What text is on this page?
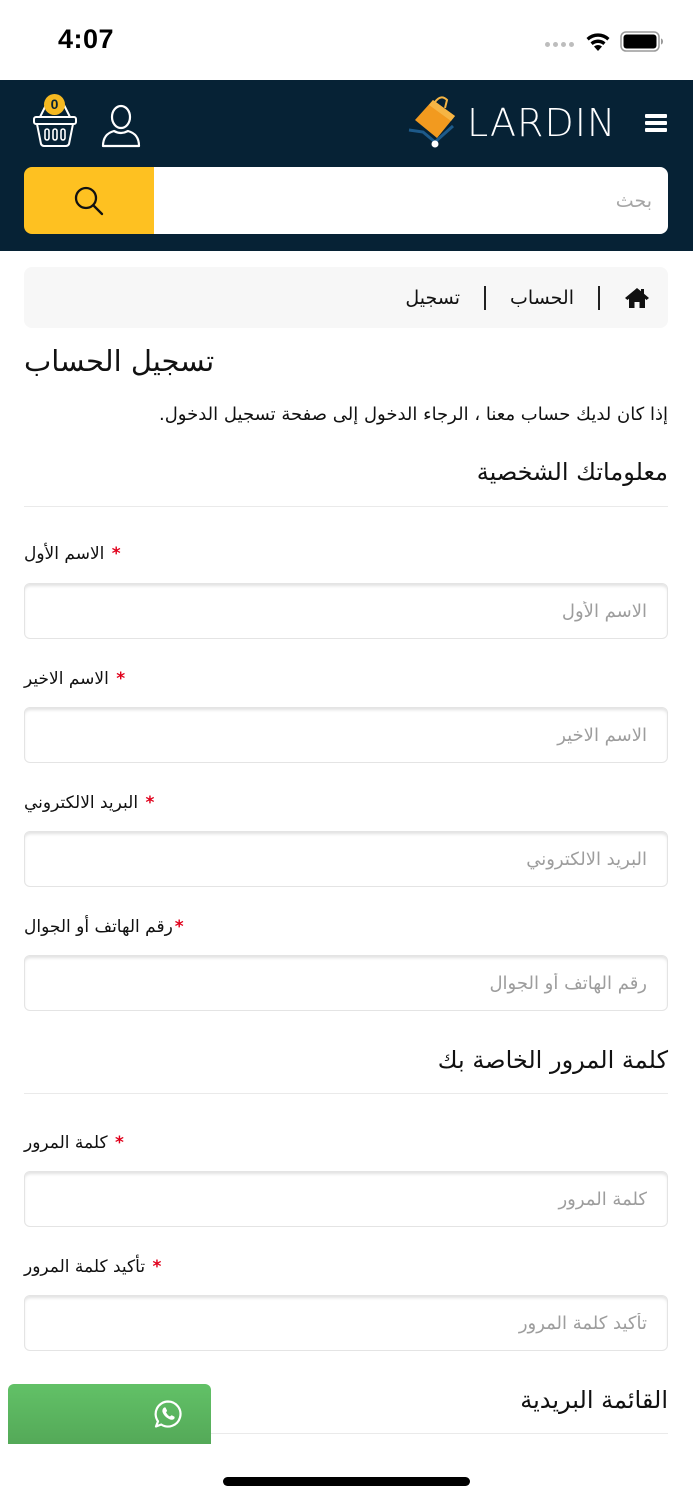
4:07
0	LARDIN
بحث
الحساب
تسجيل
تسجيل الحساب
إذا كان لديك حساب معنا ، الرجاء الدخول إلى صفحة تسجيل الدخول.
معلوماتك الشخصية
* الاسم الأول
الاسم الأول
* الاسم الاخير
الاسم الاخير
* البريد الالكتروني
البريد الالكتروني
*رقم الهاتف أو الجوال
رقم الهاتف أو الجوال
كلمة المرور الخاصة بك
* كلمة المرور
* تأكيد كلمة المرور
القائمة البريدية
